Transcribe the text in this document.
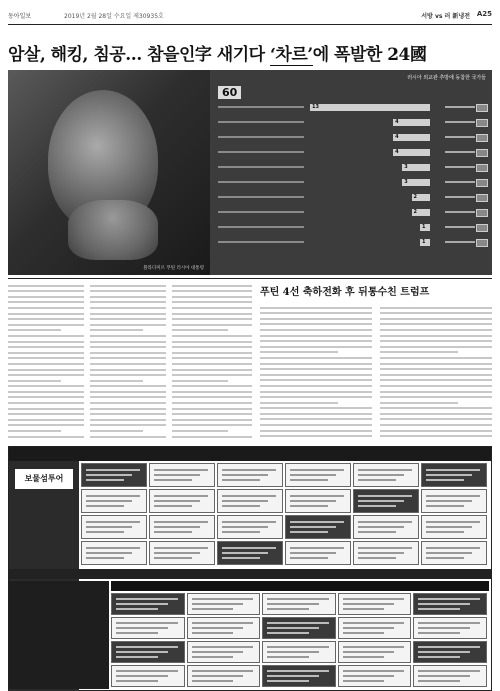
동아일보	2019년 2월 28일 수요일 제30935호	A25
서방 vs 러 新냉전
암살, 해킹, 침공… 참을인字 새기다 ‘차르’에 폭발한 24國
블라디미르 푸틴 러시아 대통령
러시아 외교관 추방에 동참한 국가들
60
13
4
4
4
3
3
2
2
1
1
푸틴 4선 축하전화 후 뒤통수친 트럼프
보물섬투어
